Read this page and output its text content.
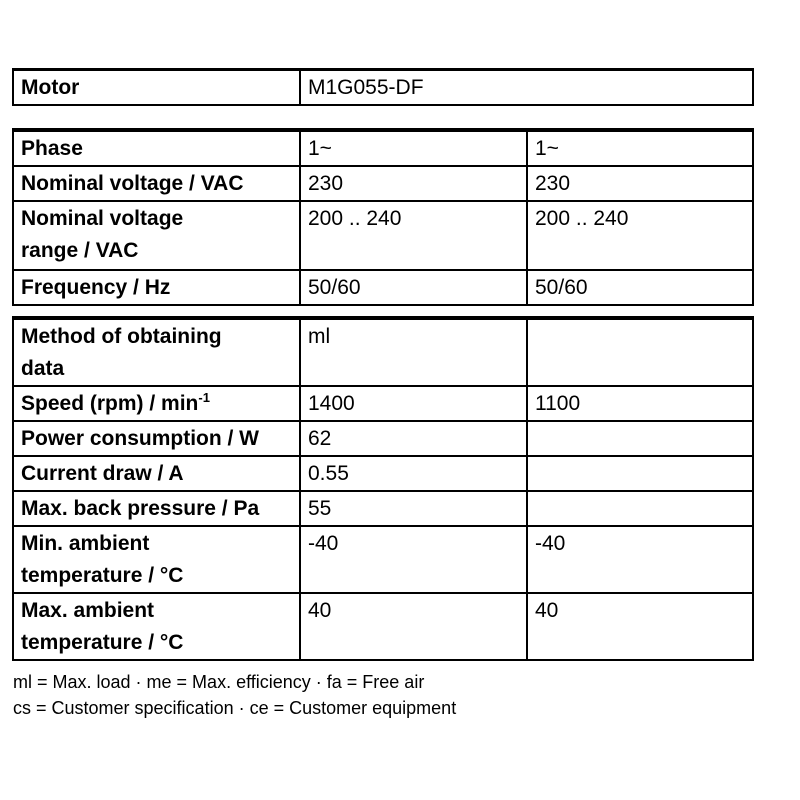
Motor	M1G055-DF
Phase	1~	1~

Nominal voltage / VAC	230	230

Nominal voltage
range / VAC	200 .. 240	200 .. 240

Frequency / Hz	50/60	50/60
Method of obtaining
data	ml	

Speed $(rpm) / \min^{-1}$	1400	1100

Power consumption / W	62	

Current draw / A	0.55	

Max. back pressure / Pa	55	

Min. ambient
temperature / °C	-40	-40

Max. ambient
temperature / °C	40	40
ml = Max. load · me = Max. efficiency · fa = Free air
cs = Customer specification · ce = Customer equipment
